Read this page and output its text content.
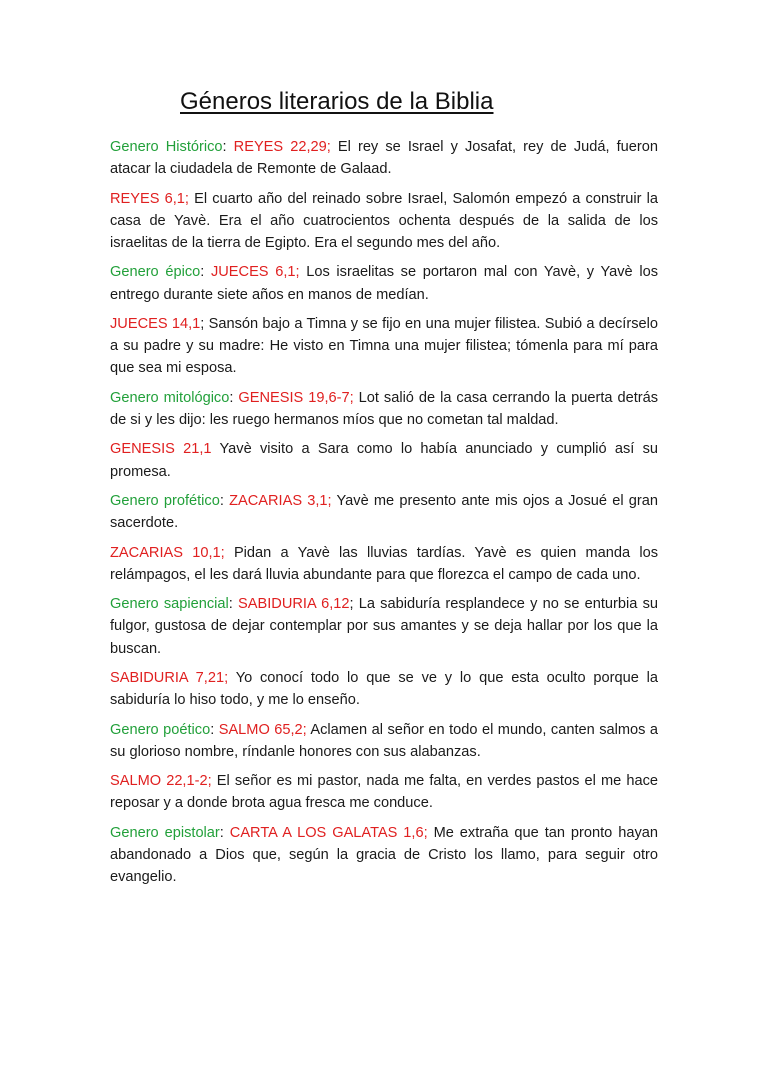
Géneros literarios de la Biblia

Genero Histórico: REYES 22,29; El rey se Israel y Josafat, rey de Judá, fueron atacar la ciudadela de Remonte de Galaad.

REYES 6,1; El cuarto año del reinado sobre Israel, Salomón empezó a construir la casa de Yavè. Era el año cuatrocientos ochenta después de la salida de los israelitas de la tierra de Egipto. Era el segundo mes del año.

Genero épico: JUECES 6,1; Los israelitas se portaron mal con Yavè, y Yavè los entrego durante siete años en manos de medían.

JUECES 14,1; Sansón bajo a Timna y se fijo en una mujer filistea. Subió a decírselo a su padre y su madre: He visto en Timna una mujer filistea; tómenla para mí para que sea mi esposa.

Genero mitológico: GENESIS 19,6-7; Lot salió de la casa cerrando la puerta detrás de si y les dijo: les ruego hermanos míos que no cometan tal maldad.

GENESIS 21,1 Yavè visito a Sara como lo había anunciado y cumplió así su promesa.

Genero profético: ZACARIAS 3,1; Yavè me presento ante mis ojos a Josué el gran sacerdote.

ZACARIAS 10,1; Pidan a Yavè las lluvias tardías. Yavè es quien manda los relámpagos, el les dará lluvia abundante para que florezca el campo de cada uno.

Genero sapiencial: SABIDURIA 6,12; La sabiduría resplandece y no se enturbia su fulgor, gustosa de dejar contemplar por sus amantes y se deja hallar por los que la buscan.

SABIDURIA 7,21; Yo conocí todo lo que se ve y lo que esta oculto porque la sabiduría lo hiso todo, y me lo enseño.

Genero poético: SALMO 65,2; Aclamen al señor en todo el mundo, canten salmos a su glorioso nombre, ríndanle honores con sus alabanzas.

SALMO 22,1-2; El señor es mi pastor, nada me falta, en verdes pastos el me hace reposar y a donde brota agua fresca me conduce.

Genero epistolar: CARTA A LOS GALATAS 1,6; Me extraña que tan pronto hayan abandonado a Dios que, según la gracia de Cristo los llamo, para seguir otro evangelio.
